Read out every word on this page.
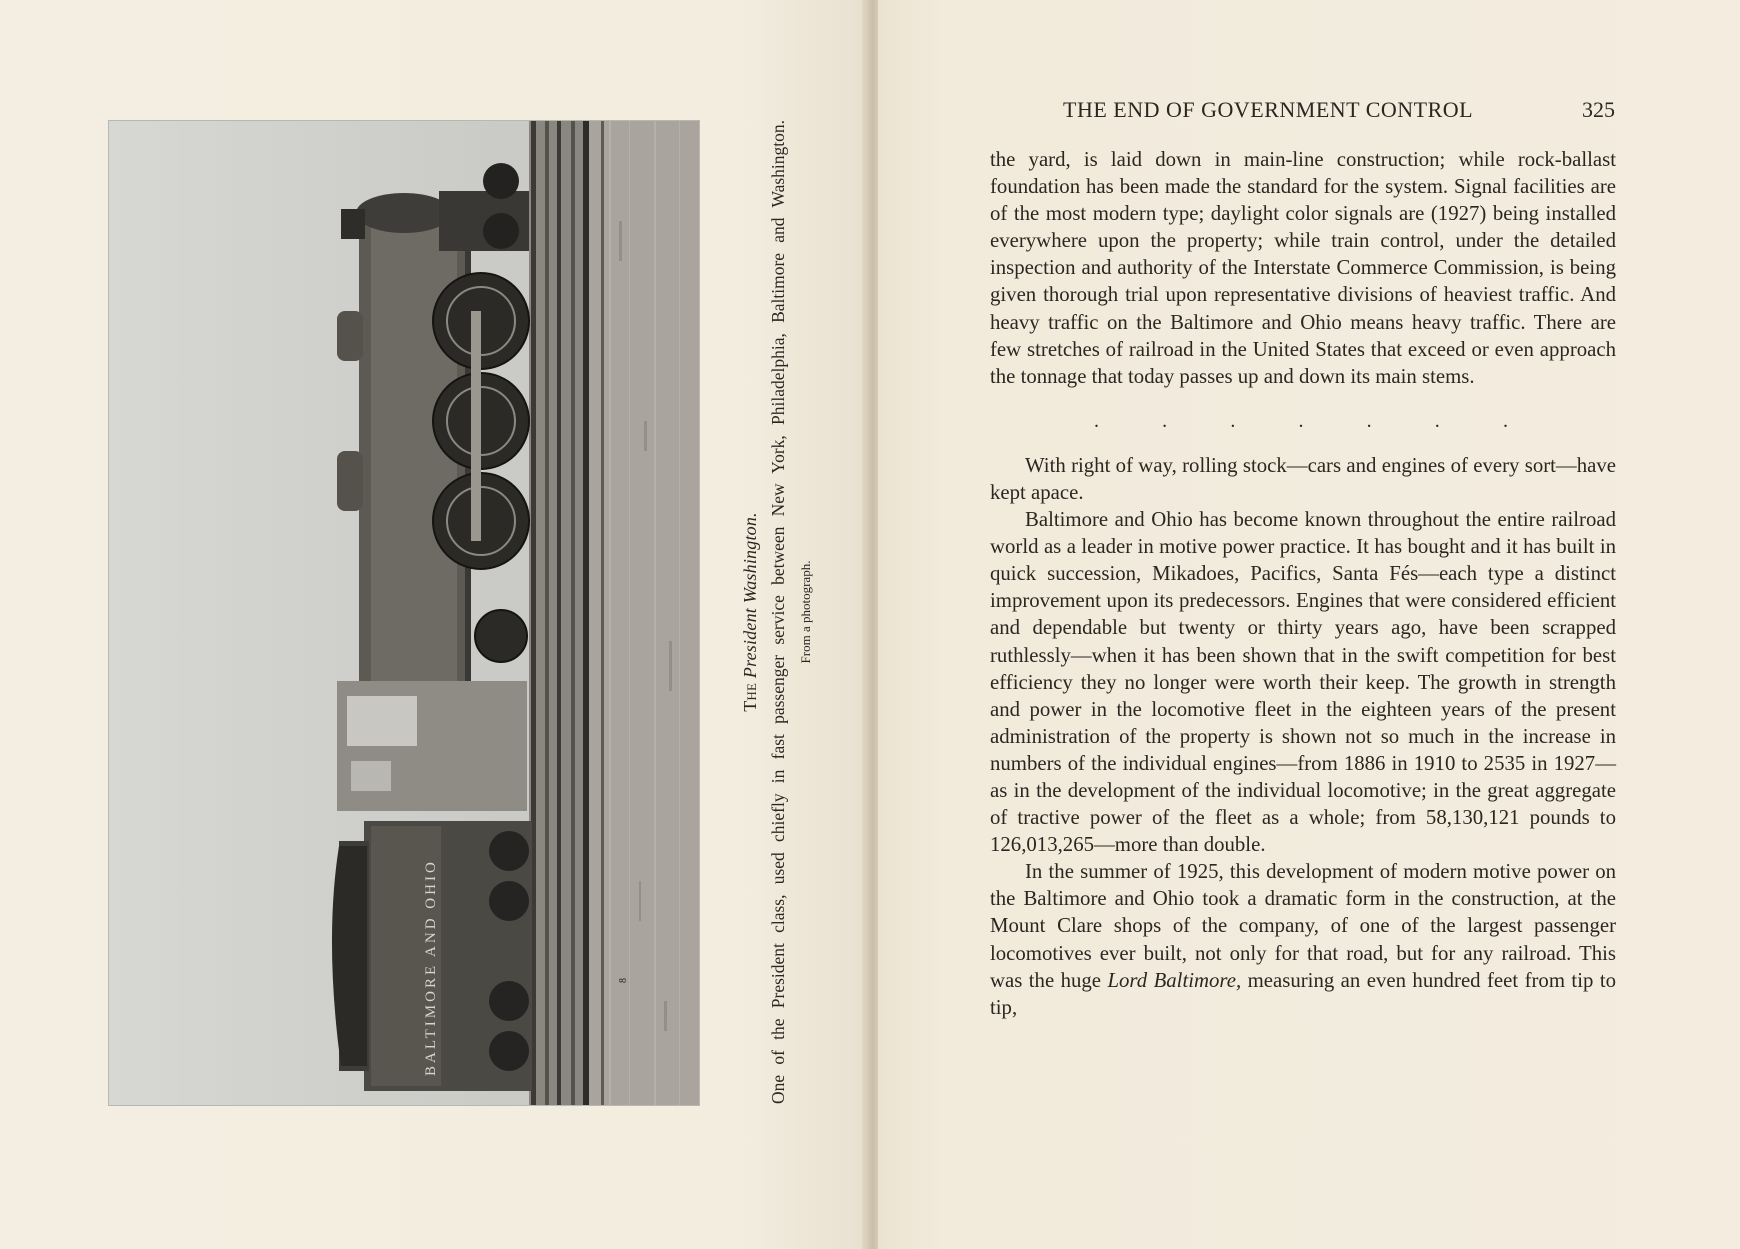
BALTIMORE AND OHIO	8
The President Washington. One of the President class, used chiefly in fast passenger service between New York, Philadelphia, Baltimore and Washington. From a photograph.
THE END OF GOVERNMENT CONTROL	325

the yard, is laid down in main-line construction; while rock-ballast foundation has been made the standard for the system. Signal facilities are of the most modern type; daylight color signals are (1927) being installed everywhere upon the property; while train control, under the detailed inspection and authority of the Interstate Commerce Commission, is being given thorough trial upon representative divisions of heaviest traffic. And heavy traffic on the Baltimore and Ohio means heavy traffic. There are few stretches of railroad in the United States that exceed or even approach the tonnage that today passes up and down its main stems.

.	.	.	.	.	.	.

With right of way, rolling stock—cars and engines of every sort—have kept apace.

Baltimore and Ohio has become known throughout the entire railroad world as a leader in motive power practice. It has bought and it has built in quick succession, Mikadoes, Pacifics, Santa Fés—each type a distinct improvement upon its predecessors. Engines that were considered efficient and dependable but twenty or thirty years ago, have been scrapped ruthlessly—when it has been shown that in the swift competition for best efficiency they no longer were worth their keep. The growth in strength and power in the locomotive fleet in the eighteen years of the present administration of the property is shown not so much in the increase in numbers of the individual engines—from 1886 in 1910 to 2535 in 1927—as in the development of the individual locomotive; in the great aggregate of tractive power of the fleet as a whole; from 58,130,121 pounds to 126,013,265—more than double.

In the summer of 1925, this development of modern motive power on the Baltimore and Ohio took a dramatic form in the construction, at the Mount Clare shops of the company, of one of the largest passenger locomotives ever built, not only for that road, but for any railroad. This was the huge Lord Baltimore, measuring an even hundred feet from tip to tip,
